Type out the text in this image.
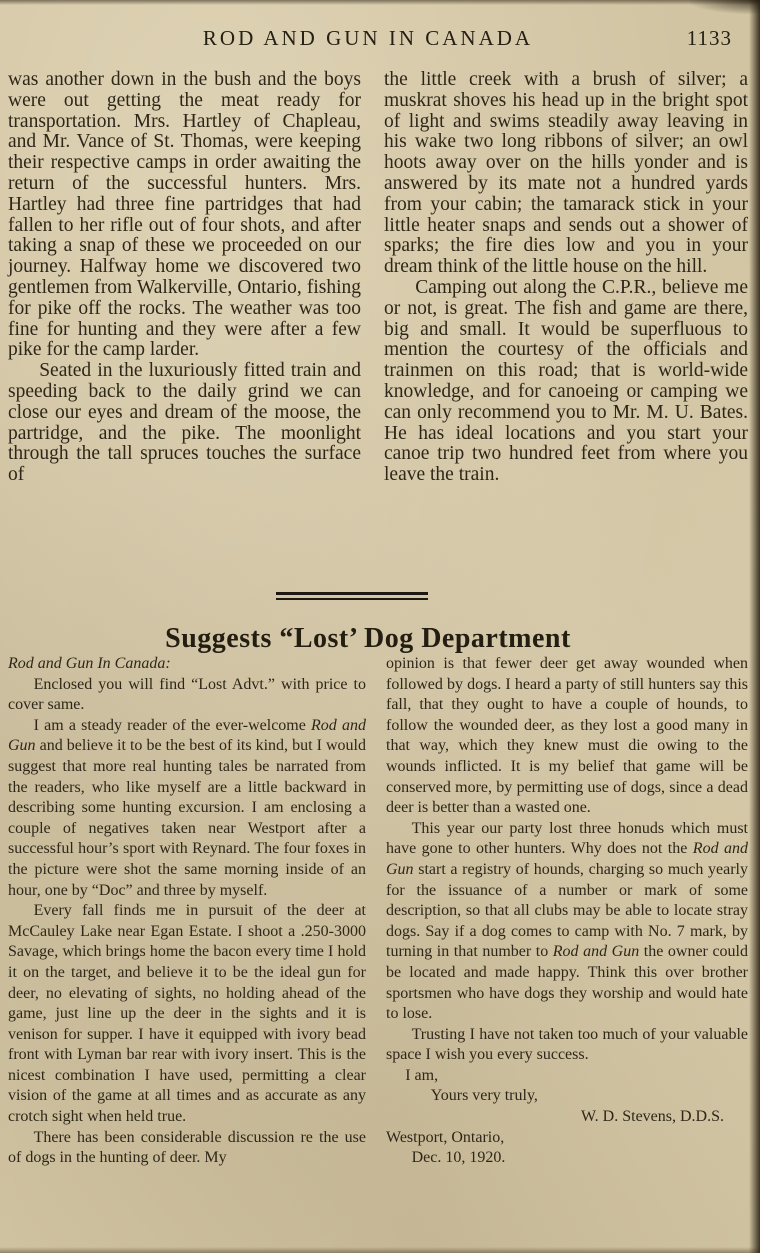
ROD AND GUN IN CANADA	1133

was another down in the bush and the boys were out getting the meat ready for transportation. Mrs. Hartley of Chapleau, and Mr. Vance of St. Thomas, were keeping their respective camps in order awaiting the return of the successful hunters. Mrs. Hartley had three fine partridges that had fallen to her rifle out of four shots, and after taking a snap of these we proceeded on our journey. Halfway home we discovered two gentlemen from Walkerville, Ontario, fishing for pike off the rocks. The weather was too fine for hunting and they were after a few pike for the camp larder.

Seated in the luxuriously fitted train and speeding back to the daily grind we can close our eyes and dream of the moose, the partridge, and the pike. The moonlight through the tall spruces touches the surface of

the little creek with a brush of silver; a muskrat shoves his head up in the bright spot of light and swims steadily away leaving in his wake two long ribbons of silver; an owl hoots away over on the hills yonder and is answered by its mate not a hundred yards from your cabin; the tamarack stick in your little heater snaps and sends out a shower of sparks; the fire dies low and you in your dream think of the little house on the hill.

Camping out along the C.P.R., believe me or not, is great. The fish and game are there, big and small. It would be superfluous to mention the courtesy of the officials and trainmen on this road; that is world-wide knowledge, and for canoeing or camping we can only recommend you to Mr. M. U. Bates. He has ideal locations and you start your canoe trip two hundred feet from where you leave the train.

Suggests “Lost’ Dog Department

Rod and Gun In Canada:

Enclosed you will find “Lost Advt.” with price to cover same.

I am a steady reader of the ever-welcome Rod and Gun and believe it to be the best of its kind, but I would suggest that more real hunting tales be narrated from the readers, who like myself are a little backward in describing some hunting excursion. I am enclosing a couple of negatives taken near Westport after a successful hour’s sport with Reynard. The four foxes in the picture were shot the same morning inside of an hour, one by “Doc” and three by myself.

Every fall finds me in pursuit of the deer at McCauley Lake near Egan Estate. I shoot a .250-3000 Savage, which brings home the bacon every time I hold it on the target, and believe it to be the ideal gun for deer, no elevating of sights, no holding ahead of the game, just line up the deer in the sights and it is venison for supper. I have it equipped with ivory bead front with Lyman bar rear with ivory insert. This is the nicest combination I have used, permitting a clear vision of the game at all times and as accurate as any crotch sight when held true.

There has been considerable discussion re the use of dogs in the hunting of deer. My

opinion is that fewer deer get away wounded when followed by dogs. I heard a party of still hunters say this fall, that they ought to have a couple of hounds, to follow the wounded deer, as they lost a good many in that way, which they knew must die owing to the wounds inflicted. It is my belief that game will be conserved more, by permitting use of dogs, since a dead deer is better than a wasted one.

This year our party lost three honuds which must have gone to other hunters. Why does not the Rod and Gun start a registry of hounds, charging so much yearly for the issuance of a number or mark of some description, so that all clubs may be able to locate stray dogs. Say if a dog comes to camp with No. 7 mark, by turning in that number to Rod and Gun the owner could be located and made happy. Think this over brother sportsmen who have dogs they worship and would hate to lose.

Trusting I have not taken too much of your valuable space I wish you every success.

I am,

Yours very truly,

W. D. Stevens, D.D.S.

Westport, Ontario,

Dec. 10, 1920.
